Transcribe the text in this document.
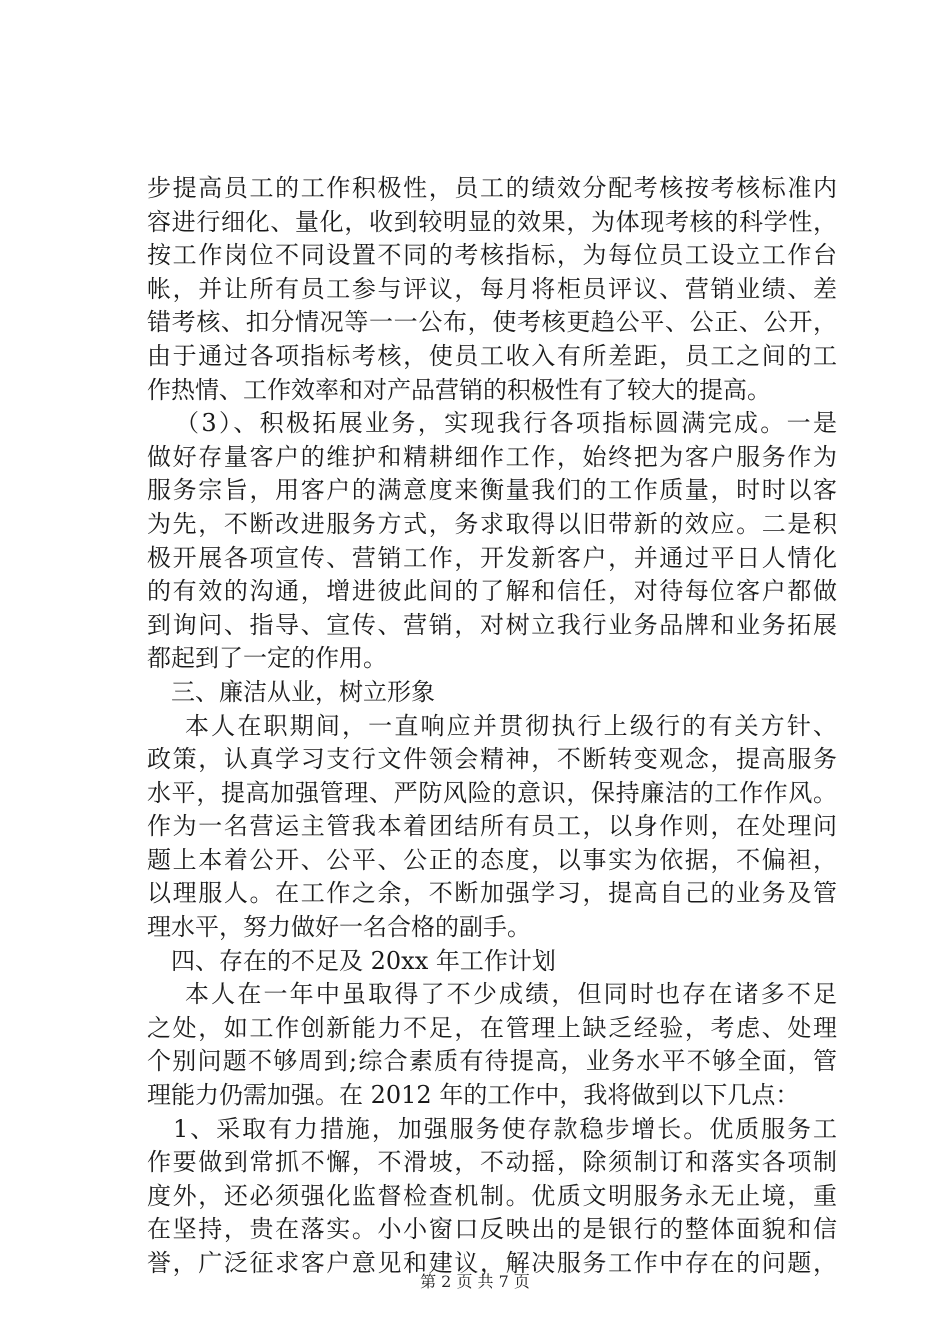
步提高员工的工作积极性，员工的绩效分配考核按考核标准内
容进行细化、量化，收到较明显的效果，为体现考核的科学性，
按工作岗位不同设置不同的考核指标，为每位员工设立工作台
帐，并让所有员工参与评议，每月将柜员评议、营销业绩、差
错考核、扣分情况等一一公布，使考核更趋公平、公正、公开，
由于通过各项指标考核，使员工收入有所差距，员工之间的工
作热情、工作效率和对产品营销的积极性有了较大的提高。
（3）、积极拓展业务，实现我行各项指标圆满完成。一是
做好存量客户的维护和精耕细作工作，始终把为客户服务作为
服务宗旨，用客户的满意度来衡量我们的工作质量，时时以客
为先，不断改进服务方式，务求取得以旧带新的效应。二是积
极开展各项宣传、营销工作，开发新客户，并通过平日人情化
的有效的沟通，增进彼此间的了解和信任，对待每位客户都做
到询问、指导、宣传、营销，对树立我行业务品牌和业务拓展
都起到了一定的作用。
三、廉洁从业，树立形象
本人在职期间，一直响应并贯彻执行上级行的有关方针、
政策，认真学习支行文件领会精神，不断转变观念，提高服务
水平，提高加强管理、严防风险的意识，保持廉洁的工作作风。
作为一名营运主管我本着团结所有员工，以身作则，在处理问
题上本着公开、公平、公正的态度，以事实为依据，不偏袒，
以理服人。在工作之余，不断加强学习，提高自己的业务及管
理水平，努力做好一名合格的副手。
四、存在的不足及 20xx 年工作计划
本人在一年中虽取得了不少成绩，但同时也存在诸多不足
之处，如工作创新能力不足，在管理上缺乏经验，考虑、处理
个别问题不够周到;综合素质有待提高，业务水平不够全面，管
理能力仍需加强。在 2012 年的工作中，我将做到以下几点：
1、采取有力措施，加强服务使存款稳步增长。优质服务工
作要做到常抓不懈，不滑坡，不动摇，除须制订和落实各项制
度外，还必须强化监督检查机制。优质文明服务永无止境，重
在坚持，贵在落实。小小窗口反映出的是银行的整体面貌和信
誉，广泛征求客户意见和建议，解决服务工作中存在的问题，
第 2 页 共 7 页
